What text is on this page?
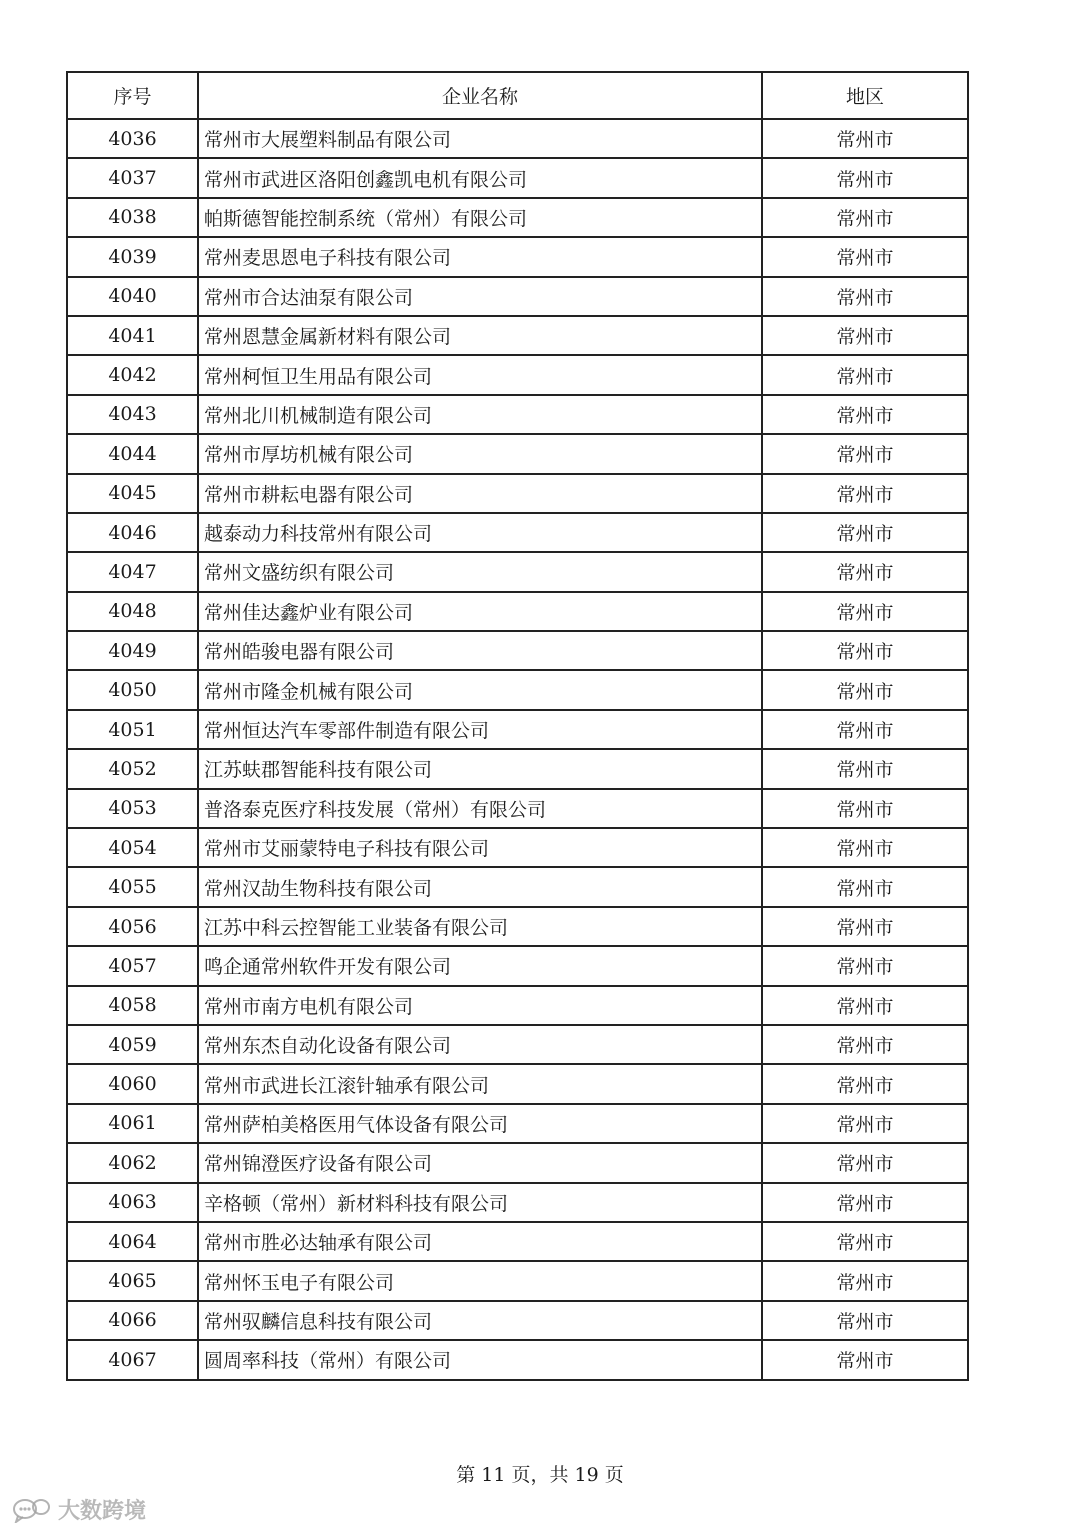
序号	企业名称	地区
4036	常州市大展塑料制品有限公司	常州市
4037	常州市武进区洛阳创鑫凯电机有限公司	常州市
4038	帕斯德智能控制系统（常州）有限公司	常州市
4039	常州麦思恩电子科技有限公司	常州市
4040	常州市合达油泵有限公司	常州市
4041	常州恩慧金属新材料有限公司	常州市
4042	常州柯恒卫生用品有限公司	常州市
4043	常州北川机械制造有限公司	常州市
4044	常州市厚坊机械有限公司	常州市
4045	常州市耕耘电器有限公司	常州市
4046	越泰动力科技常州有限公司	常州市
4047	常州文盛纺织有限公司	常州市
4048	常州佳达鑫炉业有限公司	常州市
4049	常州皓骏电器有限公司	常州市
4050	常州市隆金机械有限公司	常州市
4051	常州恒达汽车零部件制造有限公司	常州市
4052	江苏蚨郡智能科技有限公司	常州市
4053	普洛泰克医疗科技发展（常州）有限公司	常州市
4054	常州市艾丽蒙特电子科技有限公司	常州市
4055	常州汉劼生物科技有限公司	常州市
4056	江苏中科云控智能工业装备有限公司	常州市
4057	鸣企通常州软件开发有限公司	常州市
4058	常州市南方电机有限公司	常州市
4059	常州东杰自动化设备有限公司	常州市
4060	常州市武进长江滚针轴承有限公司	常州市
4061	常州萨柏美格医用气体设备有限公司	常州市
4062	常州锦澄医疗设备有限公司	常州市
4063	辛格顿（常州）新材料科技有限公司	常州市
4064	常州市胜必达轴承有限公司	常州市
4065	常州怀玉电子有限公司	常州市
4066	常州驭麟信息科技有限公司	常州市
4067	圆周率科技（常州）有限公司	常州市
第 11 页，共 19 页
大数跨境
